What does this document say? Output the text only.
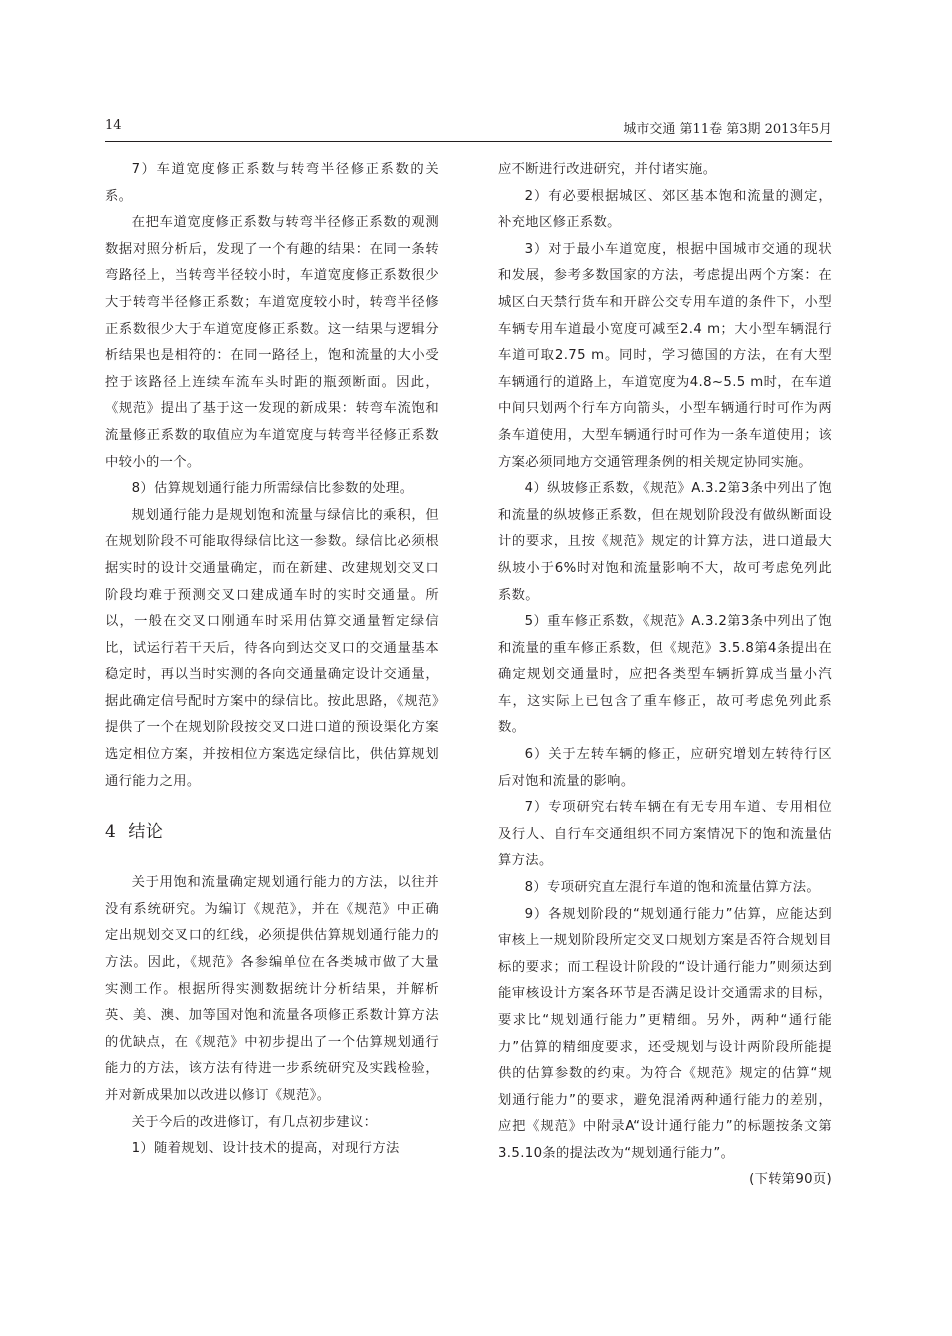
14	城市交通 第11卷 第3期 2013年5月

7）车道宽度修正系数与转弯半径修正系数的关系。

在把车道宽度修正系数与转弯半径修正系数的观测数据对照分析后，发现了一个有趣的结果：在同一条转弯路径上，当转弯半径较小时，车道宽度修正系数很少大于转弯半径修正系数；车道宽度较小时，转弯半径修正系数很少大于车道宽度修正系数。这一结果与逻辑分析结果也是相符的：在同一路径上，饱和流量的大小受控于该路径上连续车流车头时距的瓶颈断面。因此，《规范》提出了基于这一发现的新成果：转弯车流饱和流量修正系数的取值应为车道宽度与转弯半径修正系数中较小的一个。

8）估算规划通行能力所需绿信比参数的处理。

规划通行能力是规划饱和流量与绿信比的乘积，但在规划阶段不可能取得绿信比这一参数。绿信比必须根据实时的设计交通量确定，而在新建、改建规划交叉口阶段均难于预测交叉口建成通车时的实时交通量。所以，一般在交叉口刚通车时采用估算交通量暂定绿信比，试运行若干天后，待各向到达交叉口的交通量基本稳定时，再以当时实测的各向交通量确定设计交通量，据此确定信号配时方案中的绿信比。按此思路，《规范》提供了一个在规划阶段按交叉口进口道的预设渠化方案选定相位方案，并按相位方案选定绿信比，供估算规划通行能力之用。

4 结论

关于用饱和流量确定规划通行能力的方法，以往并没有系统研究。为编订《规范》，并在《规范》中正确定出规划交叉口的红线，必须提供估算规划通行能力的方法。因此，《规范》各参编单位在各类城市做了大量实测工作。根据所得实测数据统计分析结果，并解析英、美、澳、加等国对饱和流量各项修正系数计算方法的优缺点，在《规范》中初步提出了一个估算规划通行能力的方法，该方法有待进一步系统研究及实践检验，并对新成果加以改进以修订《规范》。

关于今后的改进修订，有几点初步建议：

1）随着规划、设计技术的提高，对现行方法

应不断进行改进研究，并付诸实施。

2）有必要根据城区、郊区基本饱和流量的测定，补充地区修正系数。

3）对于最小车道宽度，根据中国城市交通的现状和发展，参考多数国家的方法，考虑提出两个方案：在城区白天禁行货车和开辟公交专用车道的条件下，小型车辆专用车道最小宽度可减至2.4 m；大小型车辆混行车道可取2.75 m。同时，学习德国的方法，在有大型车辆通行的道路上，车道宽度为4.8~5.5 m时，在车道中间只划两个行车方向箭头，小型车辆通行时可作为两条车道使用，大型车辆通行时可作为一条车道使用；该方案必须同地方交通管理条例的相关规定协同实施。

4）纵坡修正系数，《规范》A.3.2第3条中列出了饱和流量的纵坡修正系数，但在规划阶段没有做纵断面设计的要求，且按《规范》规定的计算方法，进口道最大纵坡小于6%时对饱和流量影响不大，故可考虑免列此系数。

5）重车修正系数，《规范》A.3.2第3条中列出了饱和流量的重车修正系数，但《规范》3.5.8第4条提出在确定规划交通量时，应把各类型车辆折算成当量小汽车，这实际上已包含了重车修正，故可考虑免列此系数。

6）关于左转车辆的修正，应研究增划左转待行区后对饱和流量的影响。

7）专项研究右转车辆在有无专用车道、专用相位及行人、自行车交通组织不同方案情况下的饱和流量估算方法。

8）专项研究直左混行车道的饱和流量估算方法。

9）各规划阶段的“规划通行能力”估算，应能达到审核上一规划阶段所定交叉口规划方案是否符合规划目标的要求；而工程设计阶段的“设计通行能力”则须达到能审核设计方案各环节是否满足设计交通需求的目标，要求比“规划通行能力”更精细。另外，两种“通行能力”估算的精细度要求，还受规划与设计两阶段所能提供的估算参数的约束。为符合《规范》规定的估算“规划通行能力”的要求，避免混淆两种通行能力的差别，应把《规范》中附录A“设计通行能力”的标题按条文第3.5.10条的提法改为“规划通行能力”。

(下转第90页)
